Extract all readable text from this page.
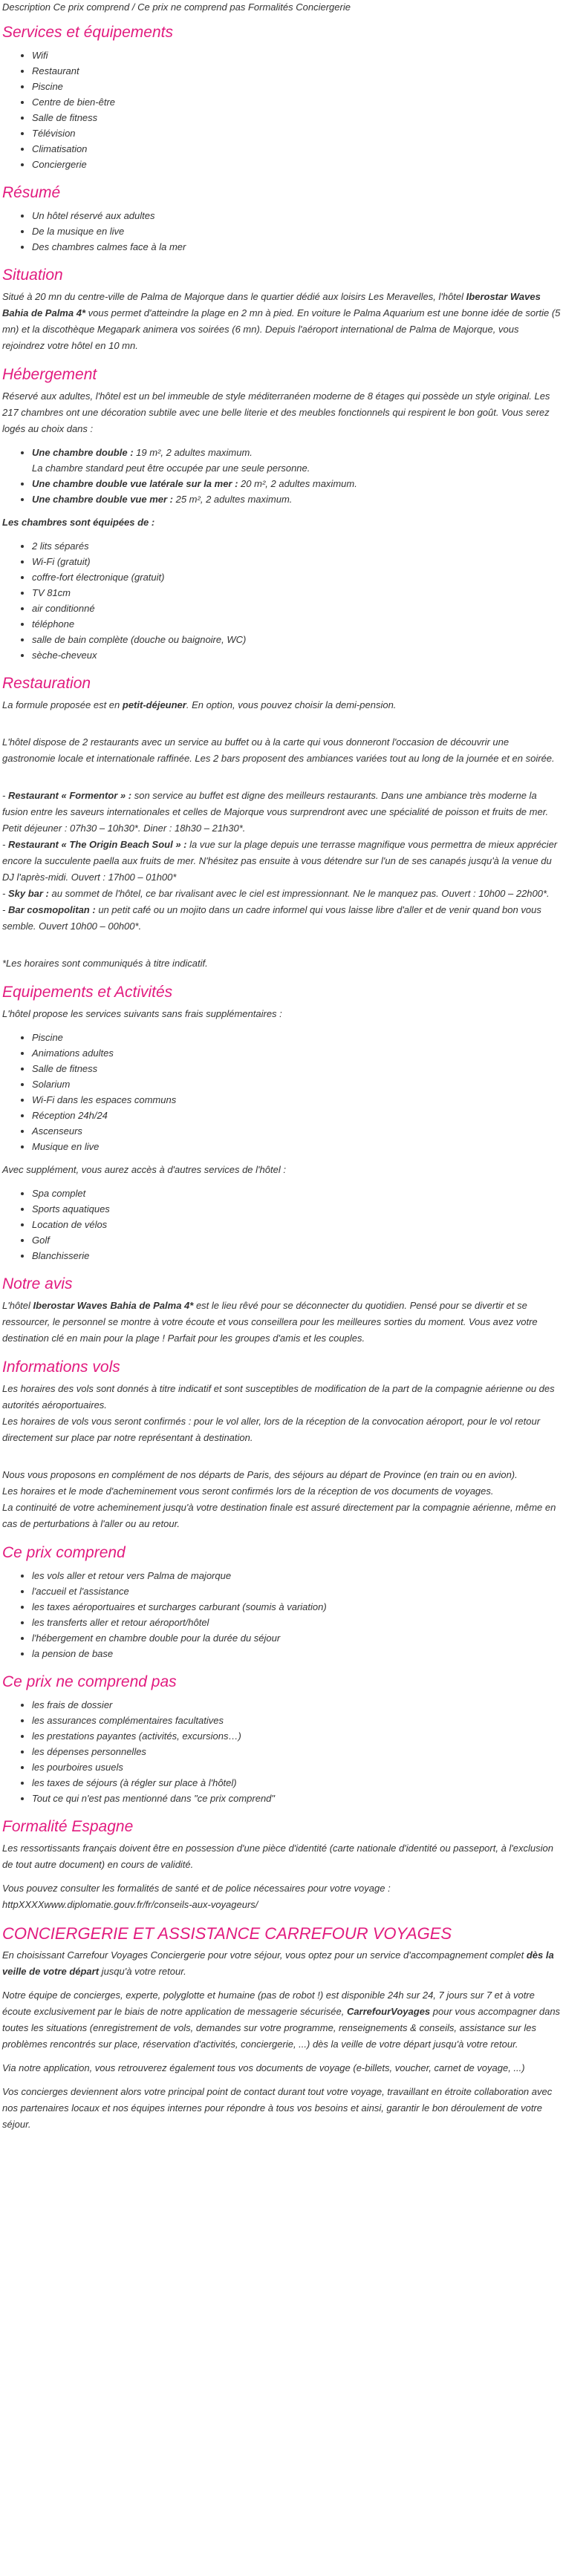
Description Ce prix comprend / Ce prix ne comprend pas Formalités Conciergerie

Services et équipements
• Wifi
• Restaurant
• Piscine
• Centre de bien-être
• Salle de fitness
• Télévision
• Climatisation
• Conciergerie
Résumé
• Un hôtel réservé aux adultes
• De la musique en live
• Des chambres calmes face à la mer
Situation

Situé à 20 mn du centre-ville de Palma de Majorque dans le quartier dédié aux loisirs Les Meravelles, l'hôtel Iberostar Waves Bahia de Palma 4* vous permet d'atteindre la plage en 2 mn à pied. En voiture le Palma Aquarium est une bonne idée de sortie (5 mn) et la discothèque Megapark animera vos soirées (6 mn). Depuis l'aéroport international de Palma de Majorque, vous rejoindrez votre hôtel en 10 mn.

Hébergement

Réservé aux adultes, l'hôtel est un bel immeuble de style méditerranéen moderne de 8 étages qui possède un style original. Les 217 chambres ont une décoration subtile avec une belle literie et des meubles fonctionnels qui respirent le bon goût. Vous serez logés au choix dans :

• Une chambre double : 19 m², 2 adultes maximum.
La chambre standard peut être occupée par une seule personne.
• Une chambre double vue latérale sur la mer : 20 m², 2 adultes maximum.
• Une chambre double vue mer : 25 m², 2 adultes maximum.

Les chambres sont équipées de :

• 2 lits séparés
• Wi-Fi (gratuit)
• coffre-fort électronique (gratuit)
• TV 81cm
• air conditionné
• téléphone
• salle de bain complète (douche ou baignoire, WC)
• sèche-cheveux
Restauration

La formule proposée est en petit-déjeuner. En option, vous pouvez choisir la demi-pension.

L'hôtel dispose de 2 restaurants avec un service au buffet ou à la carte qui vous donneront l'occasion de découvrir une gastronomie locale et internationale raffinée. Les 2 bars proposent des ambiances variées tout au long de la journée et en soirée.

- Restaurant « Formentor » : son service au buffet est digne des meilleurs restaurants. Dans une ambiance très moderne la fusion entre les saveurs internationales et celles de Majorque vous surprendront avec une spécialité de poisson et fruits de mer. Petit déjeuner : 07h30 – 10h30*. Diner : 18h30 – 21h30*.
- Restaurant « The Origin Beach Soul » : la vue sur la plage depuis une terrasse magnifique vous permettra de mieux apprécier encore la succulente paella aux fruits de mer. N'hésitez pas ensuite à vous détendre sur l'un de ses canapés jusqu'à la venue du DJ l'après-midi. Ouvert : 17h00 – 01h00*
- Sky bar : au sommet de l'hôtel, ce bar rivalisant avec le ciel est impressionnant. Ne le manquez pas. Ouvert : 10h00 – 22h00*.
- Bar cosmopolitan : un petit café ou un mojito dans un cadre informel qui vous laisse libre d'aller et de venir quand bon vous semble. Ouvert 10h00 – 00h00*.

*Les horaires sont communiqués à titre indicatif.

Equipements et Activités

L'hôtel propose les services suivants sans frais supplémentaires :

• Piscine
• Animations adultes
• Salle de fitness
• Solarium
• Wi-Fi dans les espaces communs
• Réception 24h/24
• Ascenseurs
• Musique en live

Avec supplément, vous aurez accès à d'autres services de l'hôtel :

• Spa complet
• Sports aquatiques
• Location de vélos
• Golf
• Blanchisserie
Notre avis

L'hôtel Iberostar Waves Bahia de Palma 4* est le lieu rêvé pour se déconnecter du quotidien. Pensé pour se divertir et se ressourcer, le personnel se montre à votre écoute et vous conseillera pour les meilleures sorties du moment. Vous avez votre destination clé en main pour la plage ! Parfait pour les groupes d'amis et les couples.

Informations vols

Les horaires des vols sont donnés à titre indicatif et sont susceptibles de modification de la part de la compagnie aérienne ou des autorités aéroportuaires.
Les horaires de vols vous seront confirmés : pour le vol aller, lors de la réception de la convocation aéroport, pour le vol retour directement sur place par notre représentant à destination.

Nous vous proposons en complément de nos départs de Paris, des séjours au départ de Province (en train ou en avion).
Les horaires et le mode d'acheminement vous seront confirmés lors de la réception de vos documents de voyages.
La continuité de votre acheminement jusqu'à votre destination finale est assuré directement par la compagnie aérienne, même en cas de perturbations à l'aller ou au retour.

Ce prix comprend
• les vols aller et retour vers Palma de majorque
• l'accueil et l'assistance
• les taxes aéroportuaires et surcharges carburant (soumis à variation)
• les transferts aller et retour aéroport/hôtel
• l'hébergement en chambre double pour la durée du séjour
• la pension de base
Ce prix ne comprend pas
• les frais de dossier
• les assurances complémentaires facultatives
• les prestations payantes (activités, excursions…)
• les dépenses personnelles
• les pourboires usuels
• les taxes de séjours (à régler sur place à l'hôtel)
• Tout ce qui n'est pas mentionné dans "ce prix comprend"
Formalité Espagne

Les ressortissants français doivent être en possession d'une pièce d'identité (carte nationale d'identité ou passeport, à l'exclusion de tout autre document) en cours de validité.

Vous pouvez consulter les formalités de santé et de police nécessaires pour votre voyage :
httpXXXXwww.diplomatie.gouv.fr/fr/conseils-aux-voyageurs/

CONCIERGERIE ET ASSISTANCE CARREFOUR VOYAGES

En choisissant Carrefour Voyages Conciergerie pour votre séjour, vous optez pour un service d'accompagnement complet dès la veille de votre départ jusqu'à votre retour.

Notre équipe de concierges, experte, polyglotte et humaine (pas de robot !) est disponible 24h sur 24, 7 jours sur 7 et à votre écoute exclusivement par le biais de notre application de messagerie sécurisée, CarrefourVoyages pour vous accompagner dans toutes les situations (enregistrement de vols, demandes sur votre programme, renseignements & conseils, assistance sur les problèmes rencontrés sur place, réservation d'activités, conciergerie, ...) dès la veille de votre départ jusqu'à votre retour.

Via notre application, vous retrouverez également tous vos documents de voyage (e-billets, voucher, carnet de voyage, ...)

Vos concierges deviennent alors votre principal point de contact durant tout votre voyage, travaillant en étroite collaboration avec nos partenaires locaux et nos équipes internes pour répondre à tous vos besoins et ainsi, garantir le bon déroulement de votre séjour.
